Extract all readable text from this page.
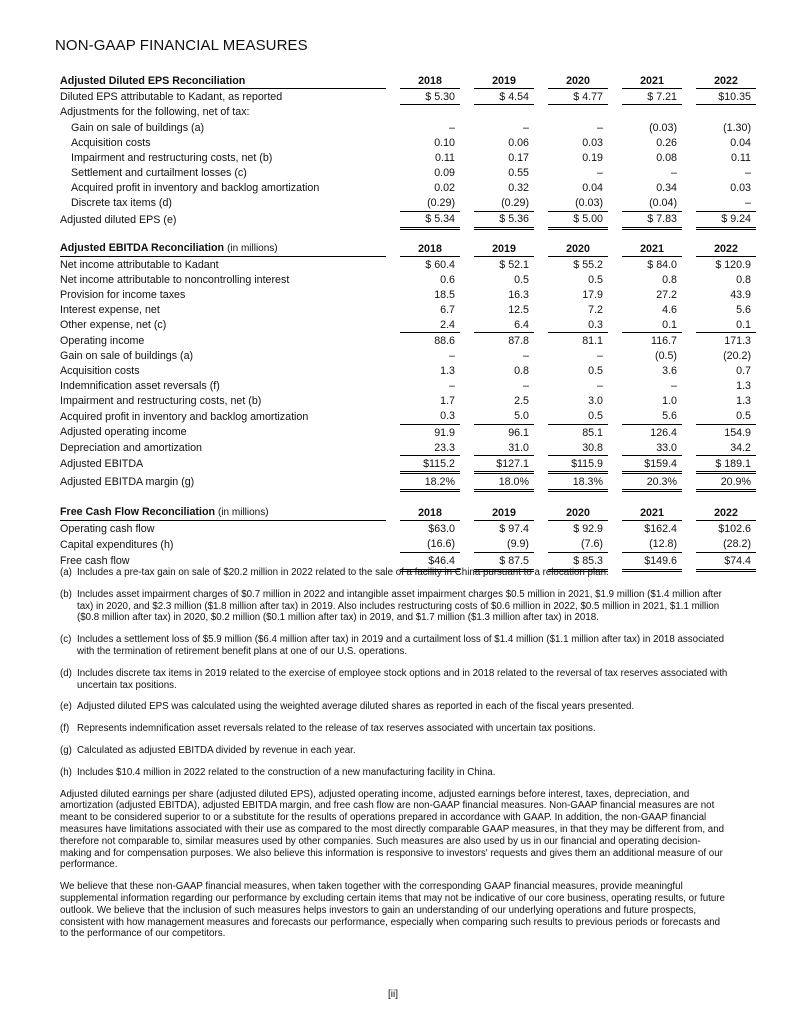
NON-GAAP FINANCIAL MEASURES
Adjusted Diluted EPS Reconciliation		2018		2019		2020		2021		2022
Diluted EPS attributable to Kadant, as reported		$ 5.30		$ 4.54		$ 4.77		$ 7.21		$10.35
Adjustments for the following, net of tax:										
Gain on sale of buildings (a)		–		–		–		(0.03)		(1.30)
Acquisition costs		0.10		0.06		0.03		0.26		0.04
Impairment and restructuring costs, net (b)		0.11		0.17		0.19		0.08		0.11
Settlement and curtailment losses (c)		0.09		0.55		–		–		–
Acquired profit in inventory and backlog amortization		0.02		0.32		0.04		0.34		0.03
Discrete tax items (d)		(0.29)		(0.29)		(0.03)		(0.04)		–
Adjusted diluted EPS (e)		$ 5.34		$ 5.36		$ 5.00		$ 7.83		$ 9.24
Adjusted EBITDA Reconciliation (in millions)		2018		2019		2020		2021		2022
Net income attributable to Kadant		$ 60.4		$ 52.1		$ 55.2		$ 84.0		$ 120.9
Net income attributable to noncontrolling interest		0.6		0.5		0.5		0.8		0.8
Provision for income taxes		18.5		16.3		17.9		27.2		43.9
Interest expense, net		6.7		12.5		7.2		4.6		5.6
Other expense, net (c)		2.4		6.4		0.3		0.1		0.1
Operating income		88.6		87.8		81.1		116.7		171.3
Gain on sale of buildings (a)		–		–		–		(0.5)		(20.2)
Acquisition costs		1.3		0.8		0.5		3.6		0.7
Indemnification asset reversals (f)		–		–		–		–		1.3
Impairment and restructuring costs, net (b)		1.7		2.5		3.0		1.0		1.3
Acquired profit in inventory and backlog amortization		0.3		5.0		0.5		5.6		0.5
Adjusted operating income		91.9		96.1		85.1		126.4		154.9
Depreciation and amortization		23.3		31.0		30.8		33.0		34.2
Adjusted EBITDA		$115.2		$127.1		$115.9		$159.4		$ 189.1
Adjusted EBITDA margin (g)		18.2%		18.0%		18.3%		20.3%		20.9%
Free Cash Flow Reconciliation (in millions)		2018		2019		2020		2021		2022
Operating cash flow		$63.0		$ 97.4		$ 92.9		$162.4		$102.6
Capital expenditures (h)		(16.6)		(9.9)		(7.6)		(12.8)		(28.2)
Free cash flow		$46.4		$ 87.5		$ 85.3		$149.6		$74.4
(a) Includes a pre-tax gain on sale of $20.2 million in 2022 related to the sale of a facility in China pursuant to a relocation plan.
(b) Includes asset impairment charges of $0.7 million in 2022 and intangible asset impairment charges $0.5 million in 2021, $1.9 million ($1.4 million after tax) in 2020, and $2.3 million ($1.8 million after tax) in 2019. Also includes restructuring costs of $0.6 million in 2022, $0.5 million in 2021, $1.1 million ($0.8 million after tax) in 2020, $0.2 million ($0.1 million after tax) in 2019, and $1.7 million ($1.3 million after tax) in 2018.
(c) Includes a settlement loss of $5.9 million ($6.4 million after tax) in 2019 and a curtailment loss of $1.4 million ($1.1 million after tax) in 2018 associated with the termination of retirement benefit plans at one of our U.S. operations.
(d) Includes discrete tax items in 2019 related to the exercise of employee stock options and in 2018 related to the reversal of tax reserves associated with uncertain tax positions.
(e) Adjusted diluted EPS was calculated using the weighted average diluted shares as reported in each of the fiscal years presented.
(f) Represents indemnification asset reversals related to the release of tax reserves associated with uncertain tax positions.
(g) Calculated as adjusted EBITDA divided by revenue in each year.
(h) Includes $10.4 million in 2022 related to the construction of a new manufacturing facility in China.
Adjusted diluted earnings per share (adjusted diluted EPS), adjusted operating income, adjusted earnings before interest, taxes, depreciation, and amortization (adjusted EBITDA), adjusted EBITDA margin, and free cash flow are non-GAAP financial measures. Non-GAAP financial measures are not meant to be considered superior to or a substitute for the results of operations prepared in accordance with GAAP. In addition, the non-GAAP financial measures have limitations associated with their use as compared to the most directly comparable GAAP measures, in that they may be different from, and therefore not comparable to, similar measures used by other companies. Such measures are also used by us in our financial and operating decision-making and for compensation purposes. We also believe this information is responsive to investors' requests and gives them an additional measure of our performance.
We believe that these non-GAAP financial measures, when taken together with the corresponding GAAP financial measures, provide meaningful supplemental information regarding our performance by excluding certain items that may not be indicative of our core business, operating results, or future outlook. We believe that the inclusion of such measures helps investors to gain an understanding of our underlying operations and future prospects, consistent with how management measures and forecasts our performance, especially when comparing such results to previous periods or forecasts and to the performance of our competitors.
[ii]
